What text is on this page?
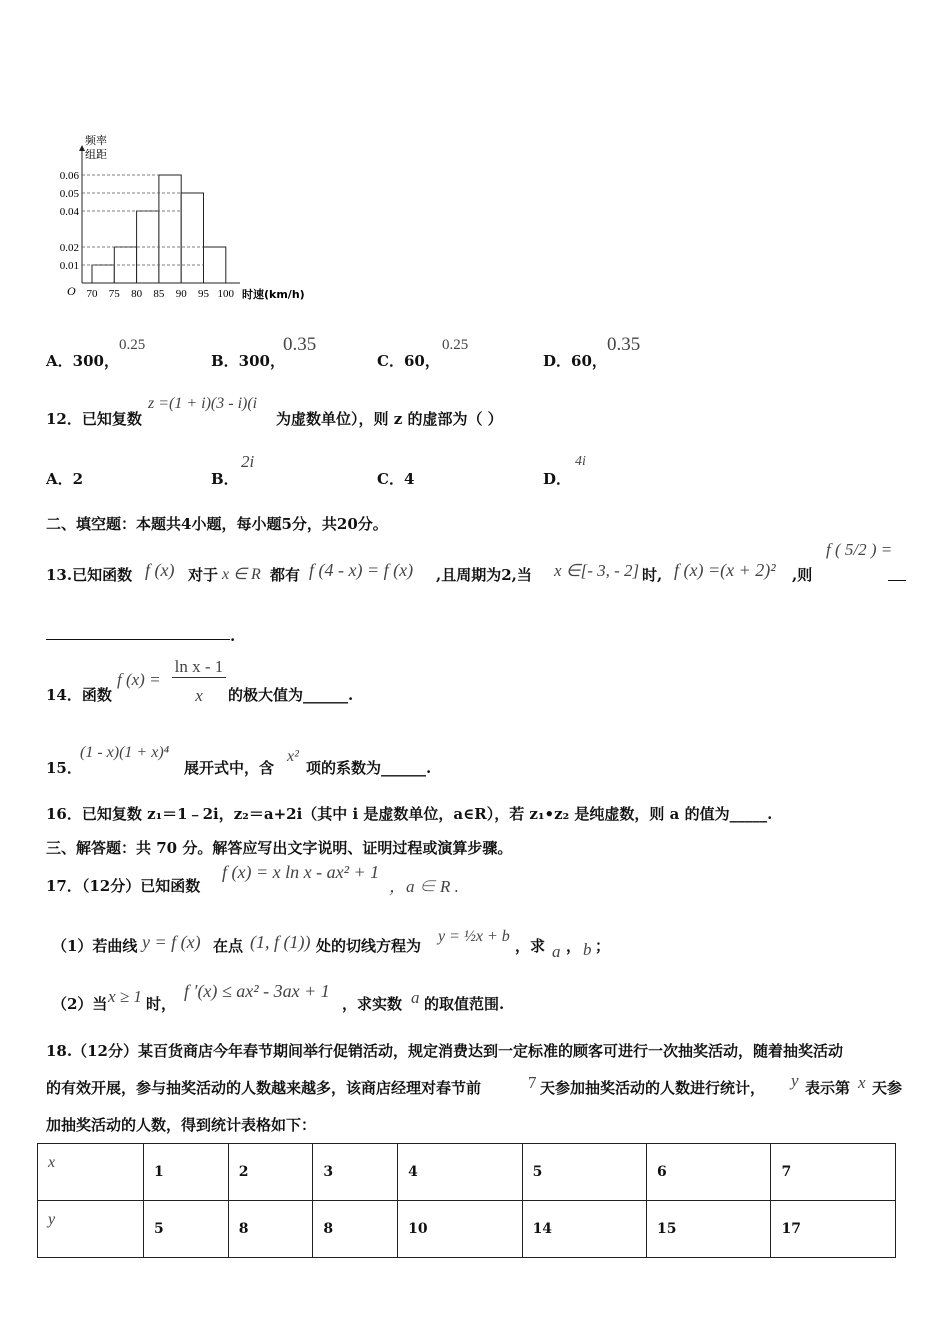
频率
组距
O
0.06
0.05
0.04
0.02
0.01
70 75 80 85 90 95 100 时速(km/h)
A．300，
0.25
B．300，
0.35
C．60，
0.25
D．60，
0.35
12．已知复数
z =(1 + i)(3 - i)(i
为虚数单位），则 z 的虚部为（ ）
A．2	B．
2i
C．4	D．
4i
二、填空题：本题共4小题，每小题5分，共20分。
13.已知函数 f (x) 对于 x ∈ R 都有 f (4 - x) = f (x) ,且周期为2,当 x ∈[- 3, - 2] 时, f (x) =(x + 2)² ,则
f ( 5/2 ) =
.
14．函数
f (x) =
ln x - 1
x	的极大值为______.
15．
(1 - x)(1 + x)⁴
展开式中，含
x²
项的系数为______.
16．已知复数 z₁＝1﹣2i，z₂＝a+2i（其中 i 是虚数单位，a∈R），若 z₁•z₂ 是纯虚数，则 a 的值为_____.
三、解答题：共 70 分。解答应写出文字说明、证明过程或演算步骤。
17．（12分）已知函数
f (x) = x ln x - ax² + 1
，a ∈ R .
（1）若曲线 y = f (x) 在点 (1, f (1)) 处的切线方程为
y = ½x + b
，求 a ， b ；
（2）当 x ≥ 1 时，
f ′(x) ≤ ax² - 3ax + 1
，求实数 a 的取值范围.
18.（12分）某百货商店今年春节期间举行促销活动，规定消费达到一定标准的顾客可进行一次抽奖活动，随着抽奖活动
的有效开展，参与抽奖活动的人数越来越多，该商店经理对春节前	7 天参加抽奖活动的人数进行统计， y 表示第 x 天参
加抽奖活动的人数，得到统计表格如下：
x	1	2	3	4	5	6	7
y	5	8	8	10	14	15	17
